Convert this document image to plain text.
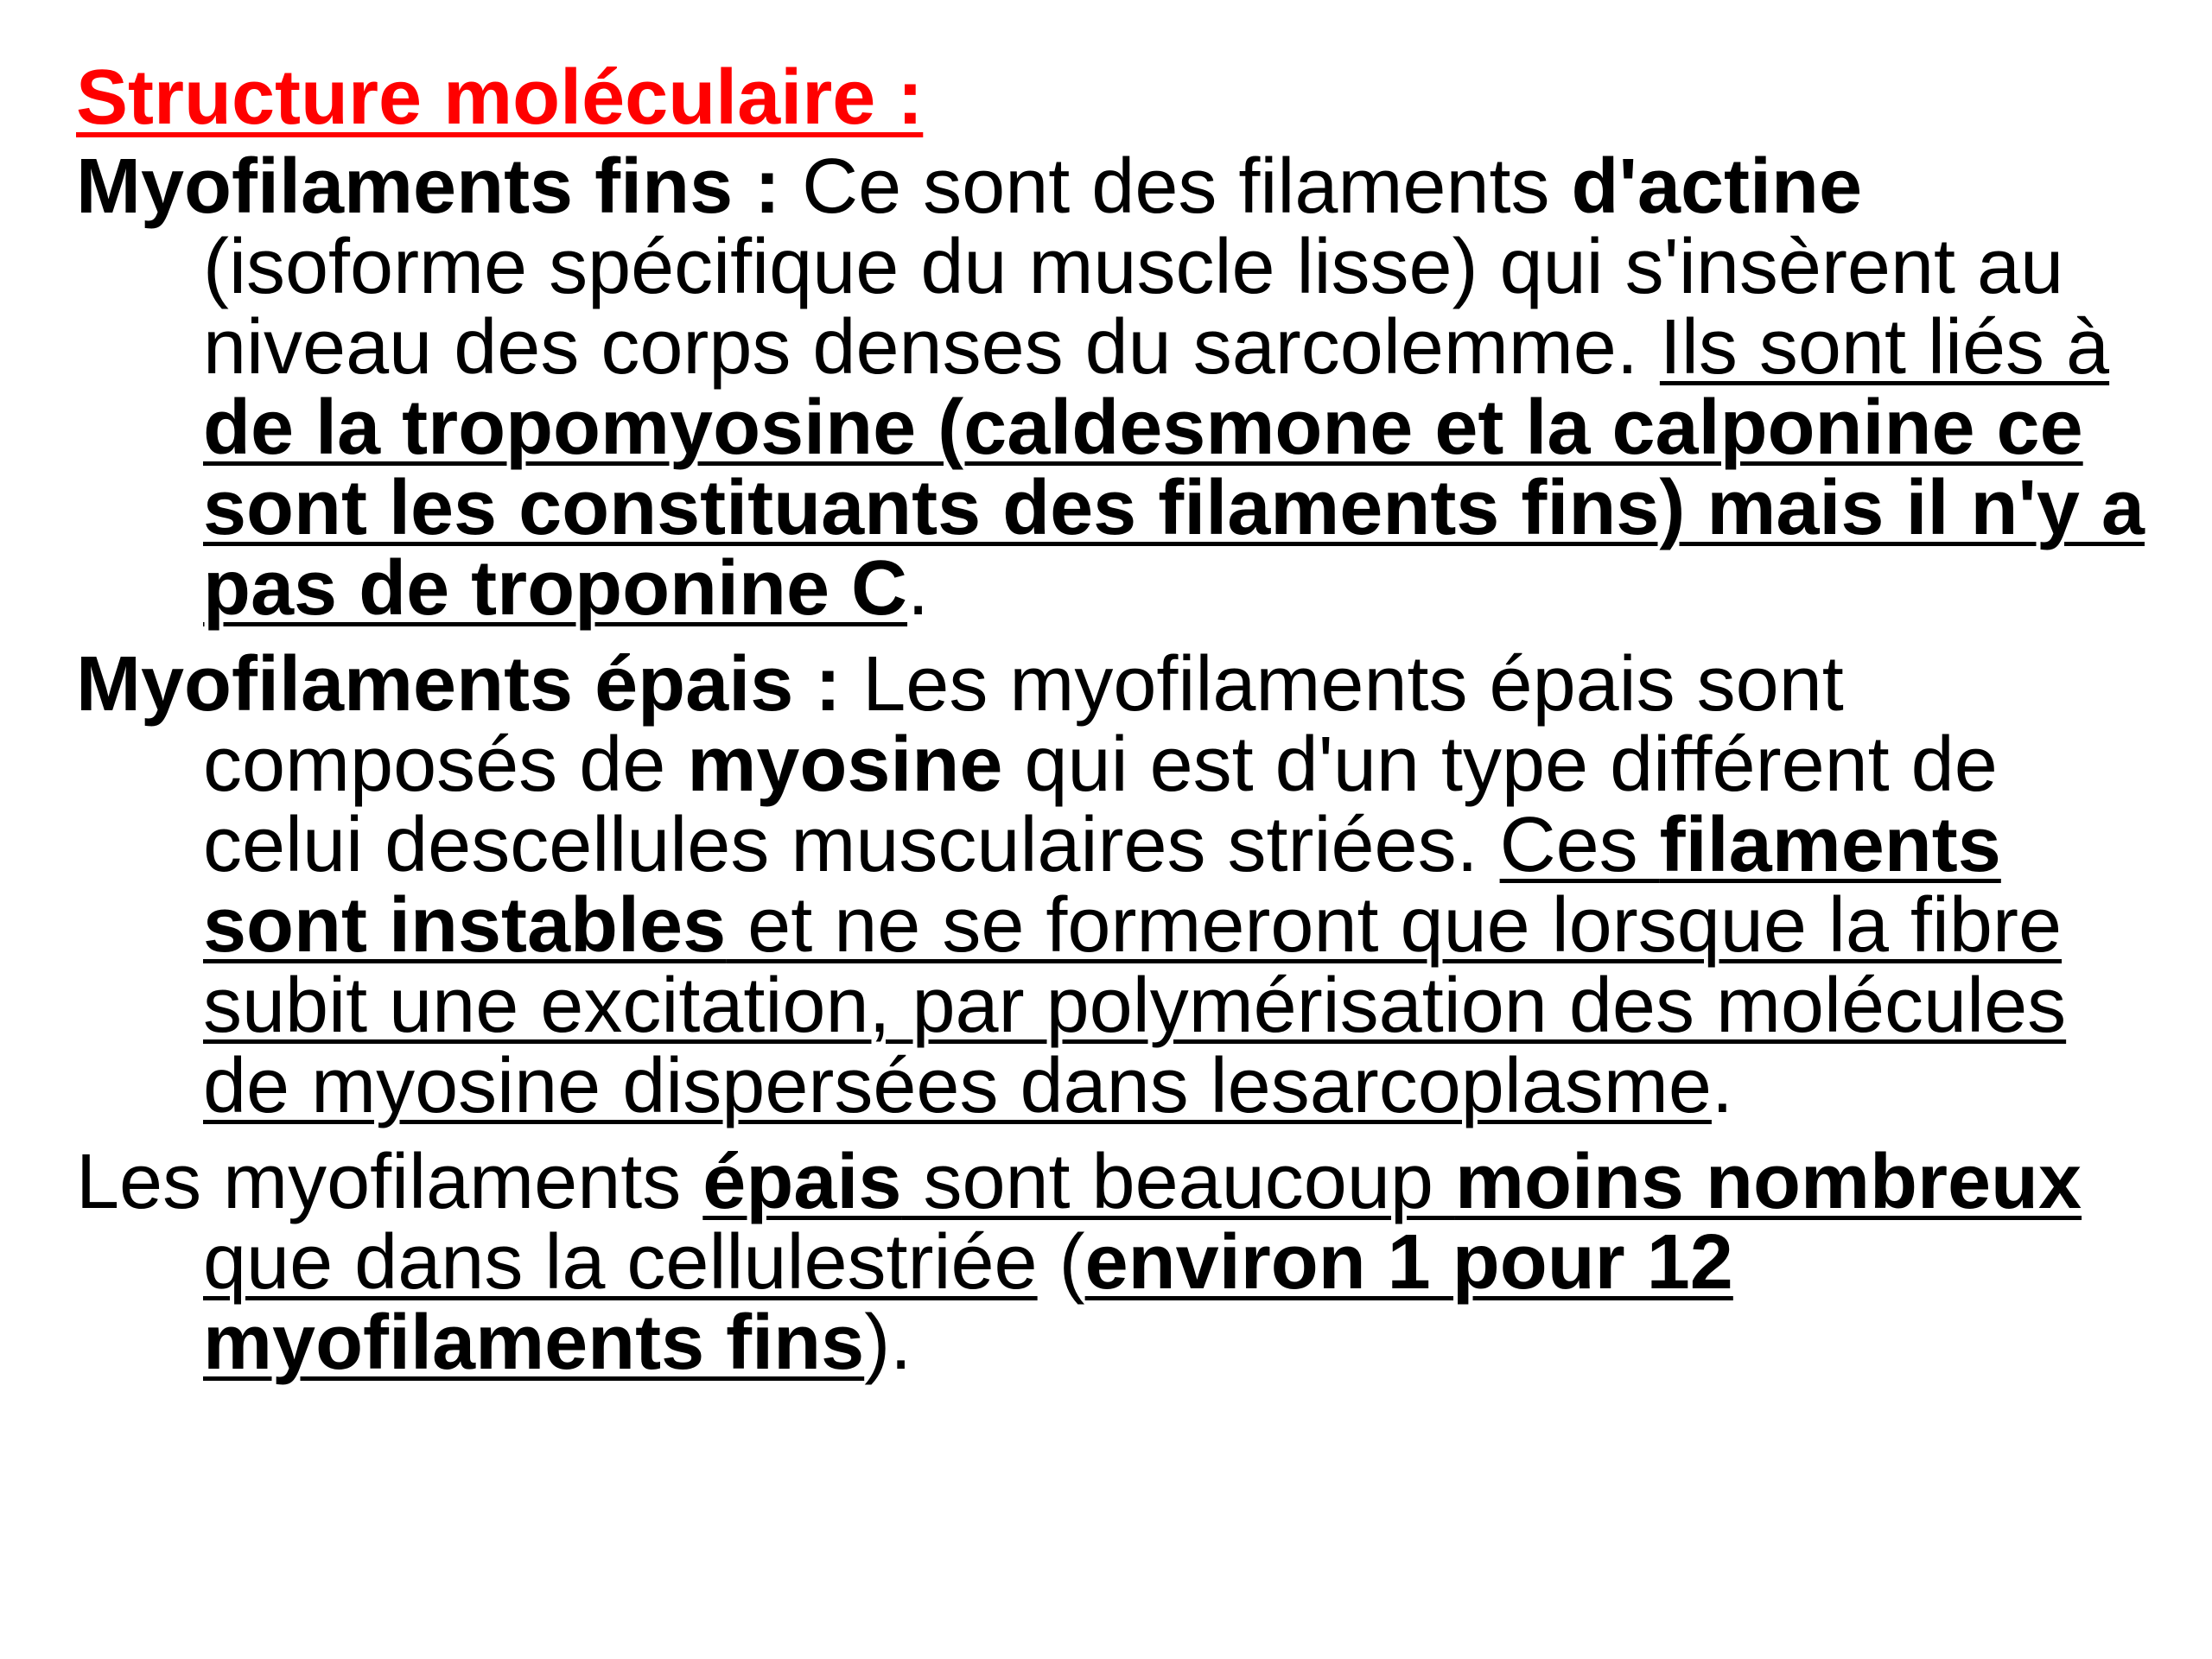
Structure moléculaire :

Myofilaments fins : Ce sont des filaments d'actine (isoforme spécifique du muscle lisse) qui s'insèrent au niveau des corps denses du sarcolemme. Ils sont liés à de la tropomyosine (caldesmone et la calponine ce sont les constituants des filaments fins) mais il n'y a pas de troponine C.

Myofilaments épais : Les myofilaments épais sont composés de myosine qui est d'un type différent de celui descellules musculaires striées. Ces filaments sont instables et ne se formeront que lorsque la fibre subit une excitation, par polymérisation des molécules de myosine dispersées dans lesarcoplasme.

Les myofilaments épais sont beaucoup moins nombreux que dans la cellulestriée (environ 1 pour 12 myofilaments fins).
